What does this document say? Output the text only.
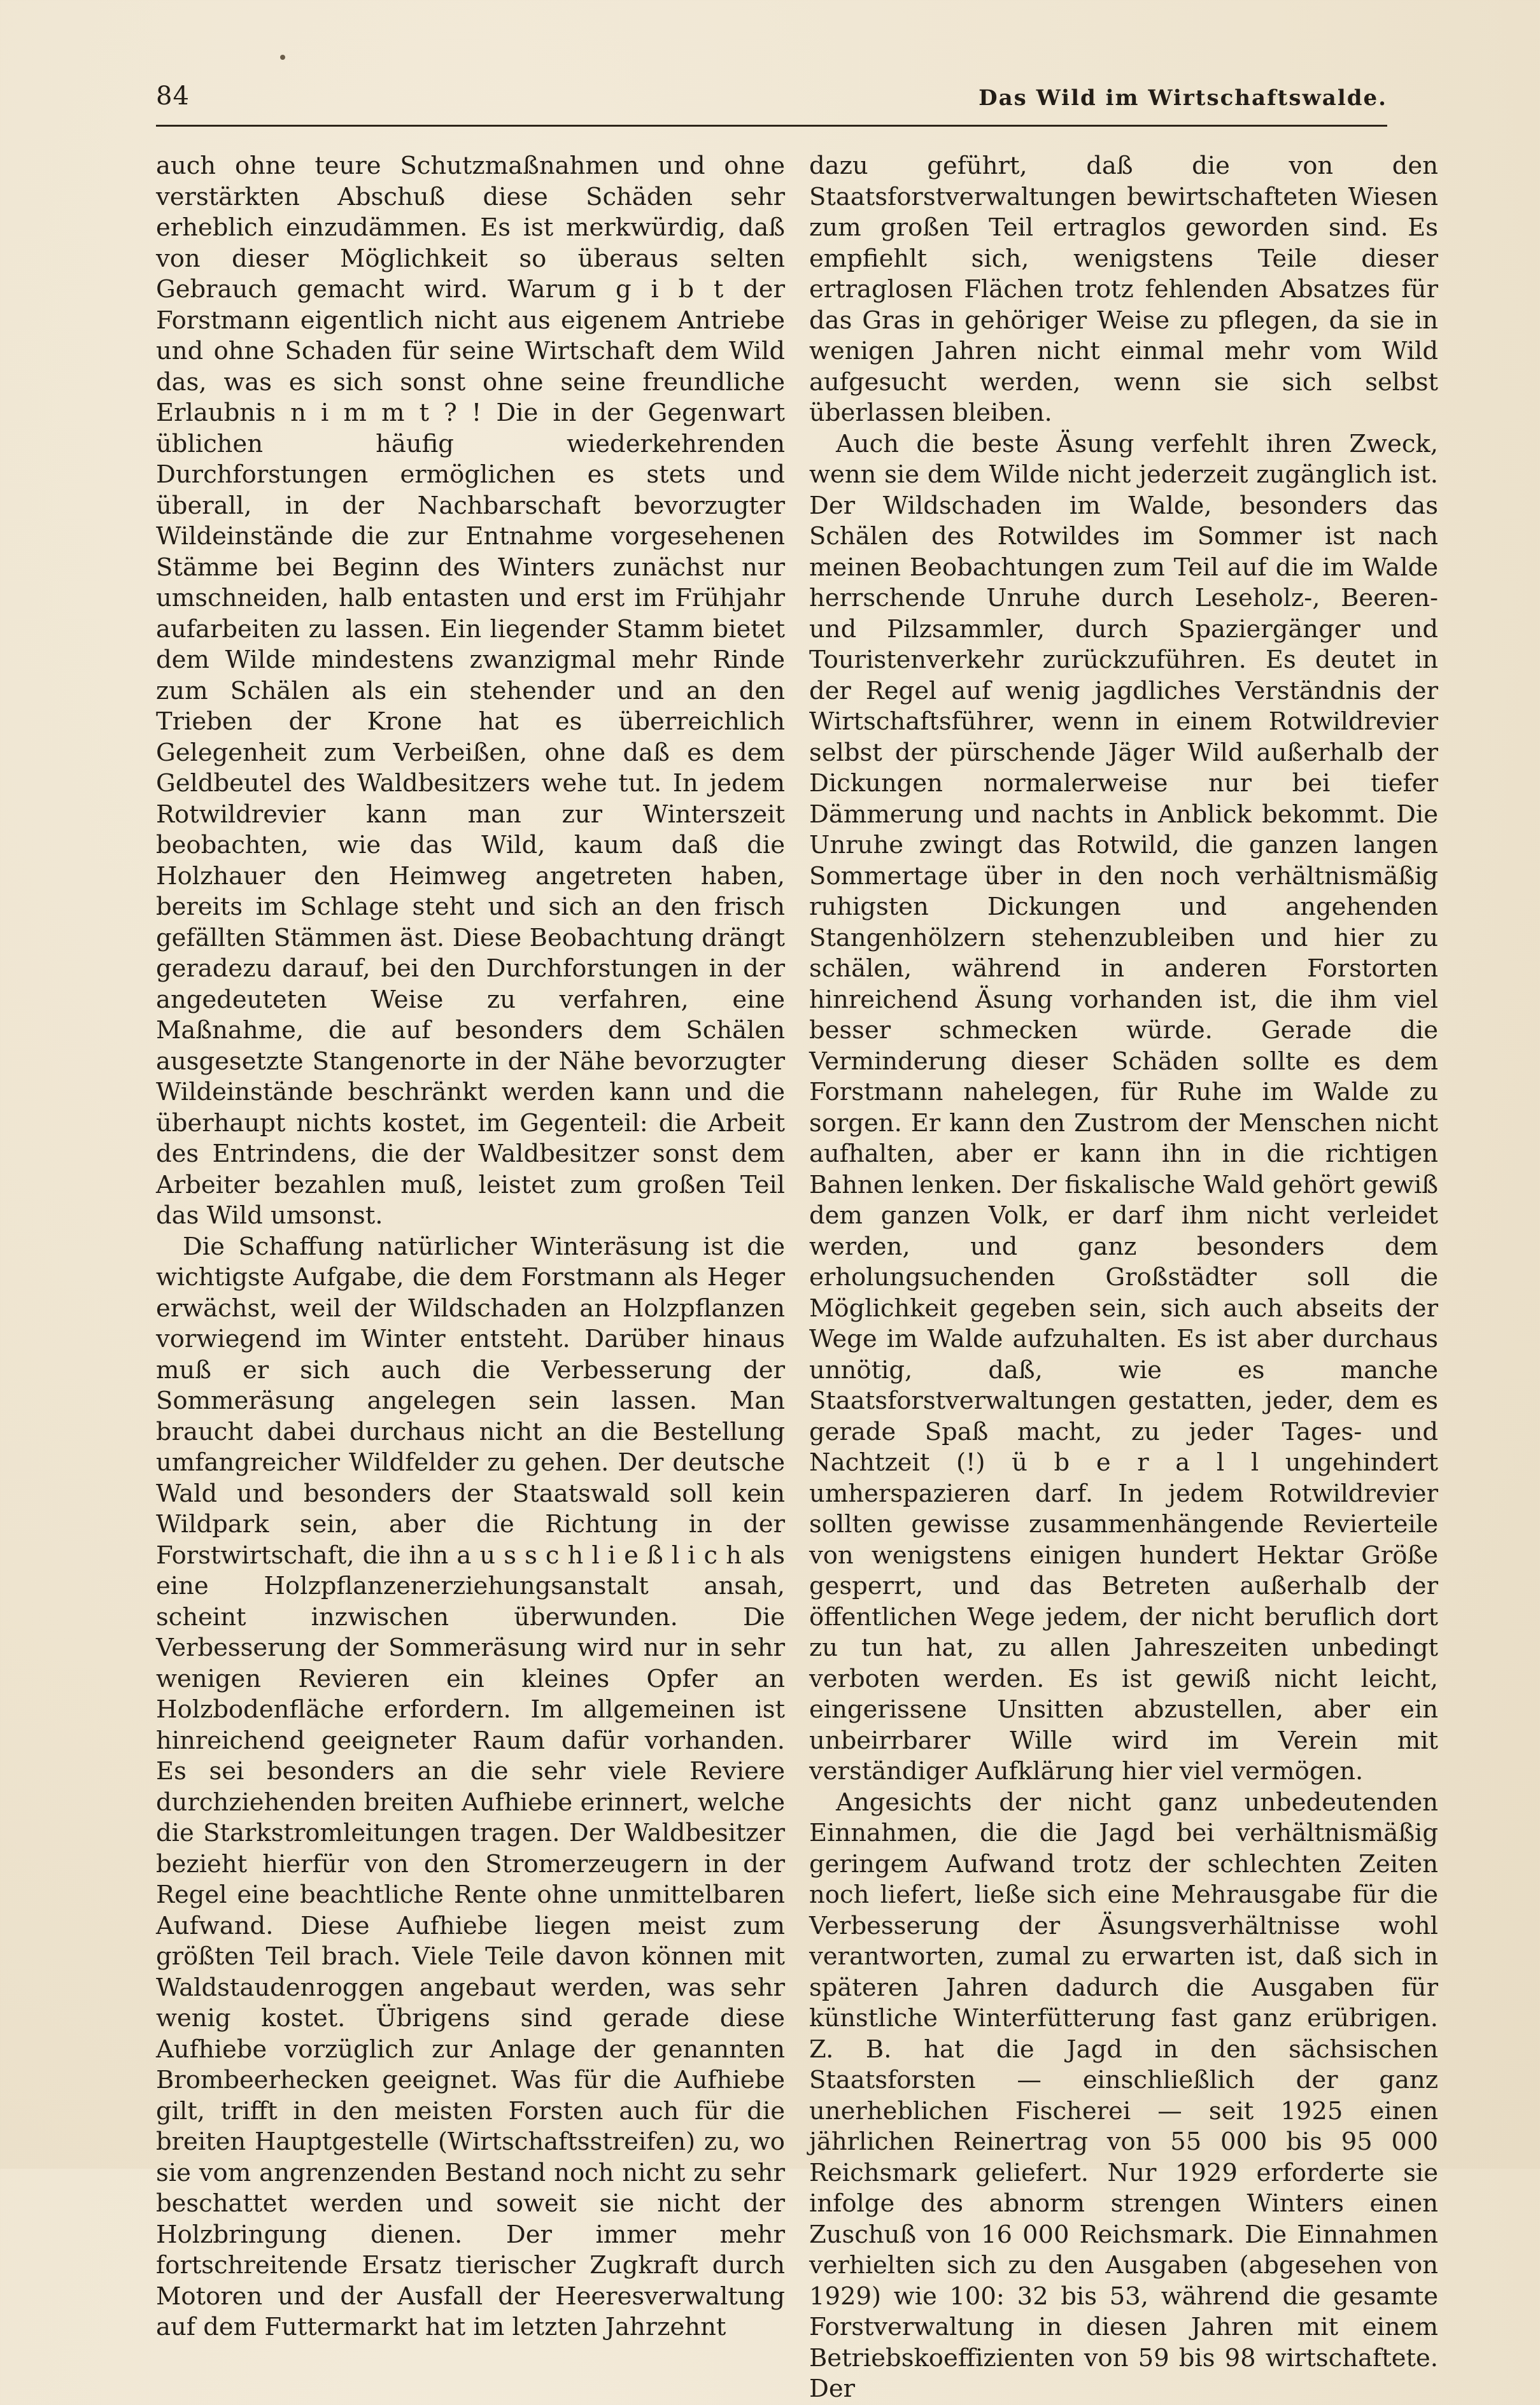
84	Das Wild im Wirtschaftswalde.

auch ohne teure Schutzmaßnahmen und ohne verstärkten Abschuß diese Schäden sehr erheblich einzudämmen. Es ist merkwürdig, daß von dieser Möglichkeit so überaus selten Gebrauch gemacht wird. Warum g i b t der Forstmann eigentlich nicht aus eigenem Antriebe und ohne Schaden für seine Wirtschaft dem Wild das, was es sich sonst ohne seine freundliche Erlaubnis n i m m t ? ! Die in der Gegenwart üblichen häufig wiederkehrenden Durchforstungen ermöglichen es stets und überall, in der Nachbarschaft bevorzugter Wildeinstände die zur Entnahme vorgesehenen Stämme bei Beginn des Winters zunächst nur umschneiden, halb entasten und erst im Frühjahr aufarbeiten zu lassen. Ein liegender Stamm bietet dem Wilde mindestens zwanzigmal mehr Rinde zum Schälen als ein stehender und an den Trieben der Krone hat es überreichlich Gelegenheit zum Verbeißen, ohne daß es dem Geldbeutel des Waldbesitzers wehe tut. In jedem Rotwildrevier kann man zur Winterszeit beobachten, wie das Wild, kaum daß die Holzhauer den Heimweg angetreten haben, bereits im Schlage steht und sich an den frisch gefällten Stämmen äst. Diese Beobachtung drängt geradezu darauf, bei den Durchforstungen in der angedeuteten Weise zu verfahren, eine Maßnahme, die auf besonders dem Schälen ausgesetzte Stangenorte in der Nähe bevorzugter Wildeinstände beschränkt werden kann und die überhaupt nichts kostet, im Gegenteil: die Arbeit des Entrindens, die der Waldbesitzer sonst dem Arbeiter bezahlen muß, leistet zum großen Teil das Wild umsonst.

Die Schaffung natürlicher Winteräsung ist die wichtigste Aufgabe, die dem Forstmann als Heger erwächst, weil der Wildschaden an Holzpflanzen vorwiegend im Winter entsteht. Darüber hinaus muß er sich auch die Verbesserung der Sommeräsung angelegen sein lassen. Man braucht dabei durchaus nicht an die Bestellung umfangreicher Wildfelder zu gehen. Der deutsche Wald und besonders der Staatswald soll kein Wildpark sein, aber die Richtung in der Forstwirtschaft, die ihn a u s s c h l i e ß l i c h als eine Holzpflanzenerziehungsanstalt ansah, scheint inzwischen überwunden. Die Verbesserung der Sommeräsung wird nur in sehr wenigen Revieren ein kleines Opfer an Holzbodenfläche erfordern. Im allgemeinen ist hinreichend geeigneter Raum dafür vorhanden. Es sei besonders an die sehr viele Reviere durchziehenden breiten Aufhiebe erinnert, welche die Starkstromleitungen tragen. Der Waldbesitzer bezieht hierfür von den Stromerzeugern in der Regel eine beachtliche Rente ohne unmittelbaren Aufwand. Diese Aufhiebe liegen meist zum größten Teil brach. Viele Teile davon können mit Waldstaudenroggen angebaut werden, was sehr wenig kostet. Übrigens sind gerade diese Aufhiebe vorzüglich zur Anlage der genannten Brombeerhecken geeignet. Was für die Aufhiebe gilt, trifft in den meisten Forsten auch für die breiten Hauptgestelle (Wirtschaftsstreifen) zu, wo sie vom angrenzenden Bestand noch nicht zu sehr beschattet werden und soweit sie nicht der Holzbringung dienen. Der immer mehr fortschreitende Ersatz tierischer Zugkraft durch Motoren und der Ausfall der Heeresverwaltung auf dem Futtermarkt hat im letzten Jahrzehnt

dazu geführt, daß die von den Staatsforstverwaltungen bewirtschafteten Wiesen zum großen Teil ertraglos geworden sind. Es empfiehlt sich, wenigstens Teile dieser ertraglosen Flächen trotz fehlenden Absatzes für das Gras in gehöriger Weise zu pflegen, da sie in wenigen Jahren nicht einmal mehr vom Wild aufgesucht werden, wenn sie sich selbst überlassen bleiben.

Auch die beste Äsung verfehlt ihren Zweck, wenn sie dem Wilde nicht jederzeit zugänglich ist. Der Wildschaden im Walde, besonders das Schälen des Rotwildes im Sommer ist nach meinen Beobachtungen zum Teil auf die im Walde herrschende Unruhe durch Leseholz-, Beeren- und Pilzsammler, durch Spaziergänger und Touristenverkehr zurückzuführen. Es deutet in der Regel auf wenig jagdliches Verständnis der Wirtschaftsführer, wenn in einem Rotwildrevier selbst der pürschende Jäger Wild außerhalb der Dickungen normalerweise nur bei tiefer Dämmerung und nachts in Anblick bekommt. Die Unruhe zwingt das Rotwild, die ganzen langen Sommertage über in den noch verhältnismäßig ruhigsten Dickungen und angehenden Stangenhölzern stehenzubleiben und hier zu schälen, während in anderen Forstorten hinreichend Äsung vorhanden ist, die ihm viel besser schmecken würde. Gerade die Verminderung dieser Schäden sollte es dem Forstmann nahelegen, für Ruhe im Walde zu sorgen. Er kann den Zustrom der Menschen nicht aufhalten, aber er kann ihn in die richtigen Bahnen lenken. Der fiskalische Wald gehört gewiß dem ganzen Volk, er darf ihm nicht verleidet werden, und ganz besonders dem erholungsuchenden Großstädter soll die Möglichkeit gegeben sein, sich auch abseits der Wege im Walde aufzuhalten. Es ist aber durchaus unnötig, daß, wie es manche Staatsforstverwaltungen gestatten, jeder, dem es gerade Spaß macht, zu jeder Tages- und Nachtzeit (!) ü b e r a l l ungehindert umherspazieren darf. In jedem Rotwildrevier sollten gewisse zusammenhängende Revierteile von wenigstens einigen hundert Hektar Größe gesperrt, und das Betreten außerhalb der öffentlichen Wege jedem, der nicht beruflich dort zu tun hat, zu allen Jahreszeiten unbedingt verboten werden. Es ist gewiß nicht leicht, eingerissene Unsitten abzustellen, aber ein unbeirrbarer Wille wird im Verein mit verständiger Aufklärung hier viel vermögen.

Angesichts der nicht ganz unbedeutenden Einnahmen, die die Jagd bei verhältnismäßig geringem Aufwand trotz der schlechten Zeiten noch liefert, ließe sich eine Mehrausgabe für die Verbesserung der Äsungsverhältnisse wohl verantworten, zumal zu erwarten ist, daß sich in späteren Jahren dadurch die Ausgaben für künstliche Winterfütterung fast ganz erübrigen. Z. B. hat die Jagd in den sächsischen Staatsforsten — einschließlich der ganz unerheblichen Fischerei — seit 1925 einen jährlichen Reinertrag von 55 000 bis 95 000 Reichsmark geliefert. Nur 1929 erforderte sie infolge des abnorm strengen Winters einen Zuschuß von 16 000 Reichsmark. Die Einnahmen verhielten sich zu den Ausgaben (abgesehen von 1929) wie 100: 32 bis 53, während die gesamte Forstverwaltung in diesen Jahren mit einem Betriebskoeffizienten von 59 bis 98 wirtschaftete. Der
